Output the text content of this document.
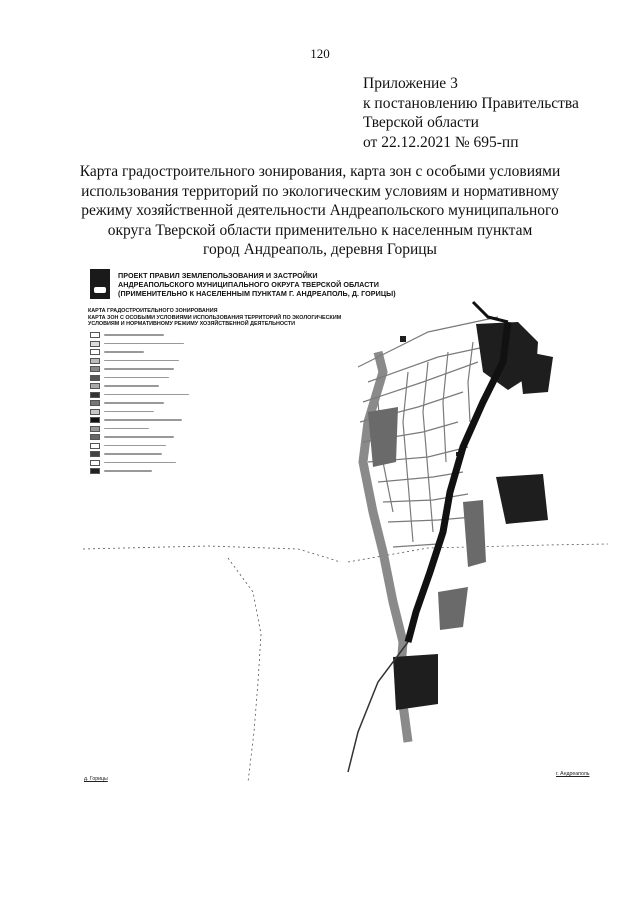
120
Приложение 3
к постановлению Правительства
Тверской области
от 22.12.2021 № 695-пп
Карта градостроительного зонирования, карта зон с особыми условиями
использования территорий по экологическим условиям и нормативному
режиму хозяйственной деятельности Андреапольского муниципального
округа Тверской области применительно к населенным пунктам
город Андреаполь, деревня Горицы
ПРОЕКТ ПРАВИЛ ЗЕМЛЕПОЛЬЗОВАНИЯ И ЗАСТРОЙКИ
АНДРЕАПОЛЬСКОГО МУНИЦИПАЛЬНОГО ОКРУГА ТВЕРСКОЙ ОБЛАСТИ
(ПРИМЕНИТЕЛЬНО К НАСЕЛЕННЫМ ПУНКТАМ Г. АНДРЕАПОЛЬ, Д. ГОРИЦЫ)
КАРТА ГРАДОСТРОИТЕЛЬНОГО ЗОНИРОВАНИЯ
КАРТА ЗОН С ОСОБЫМИ УСЛОВИЯМИ ИСПОЛЬЗОВАНИЯ ТЕРРИТОРИЙ ПО ЭКОЛОГИЧЕСКИМ
УСЛОВИЯМ И НОРМАТИВНОМУ РЕЖИМУ ХОЗЯЙСТВЕННОЙ ДЕЯТЕЛЬНОСТИ
д. Горицы
г. Андреаполь
